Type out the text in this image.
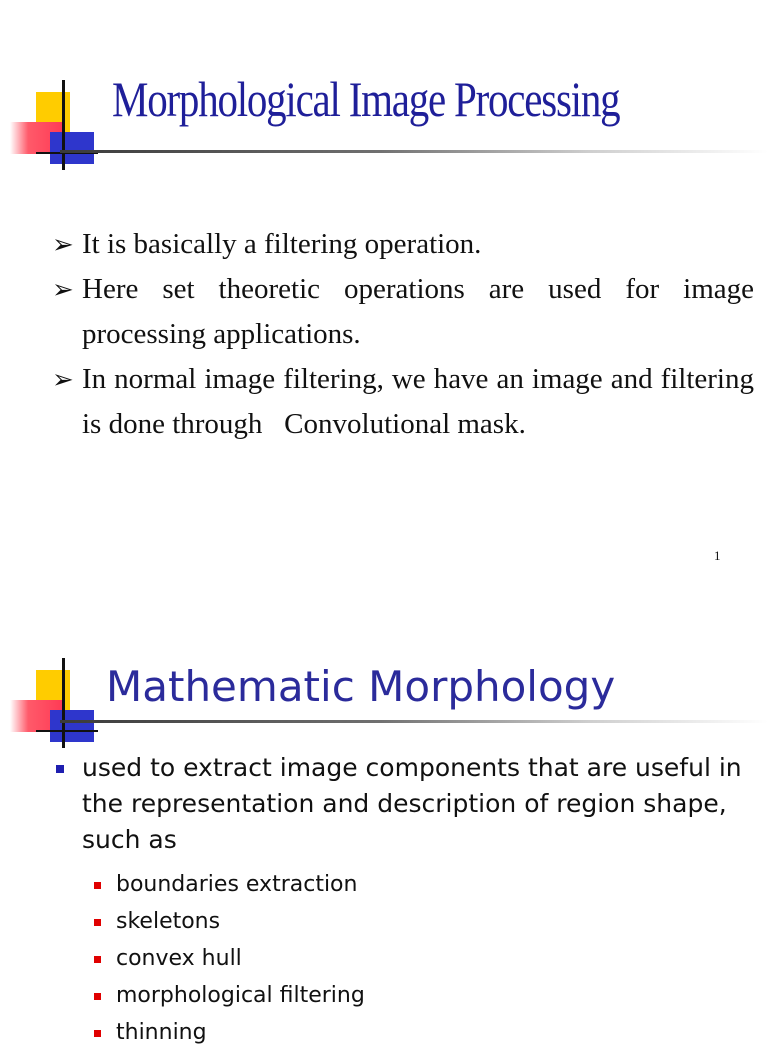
Morphological Image Processing
➢ It is basically a filtering operation.
➢ Here set theoretic operations are used for image processing applications.
➢ In normal image filtering, we have an image and filtering is done through   Convolutional mask.
1
Mathematic Morphology
used to extract image components that are useful in the representation and description of region shape, such as
boundaries extraction
skeletons
convex hull
morphological filtering
thinning
